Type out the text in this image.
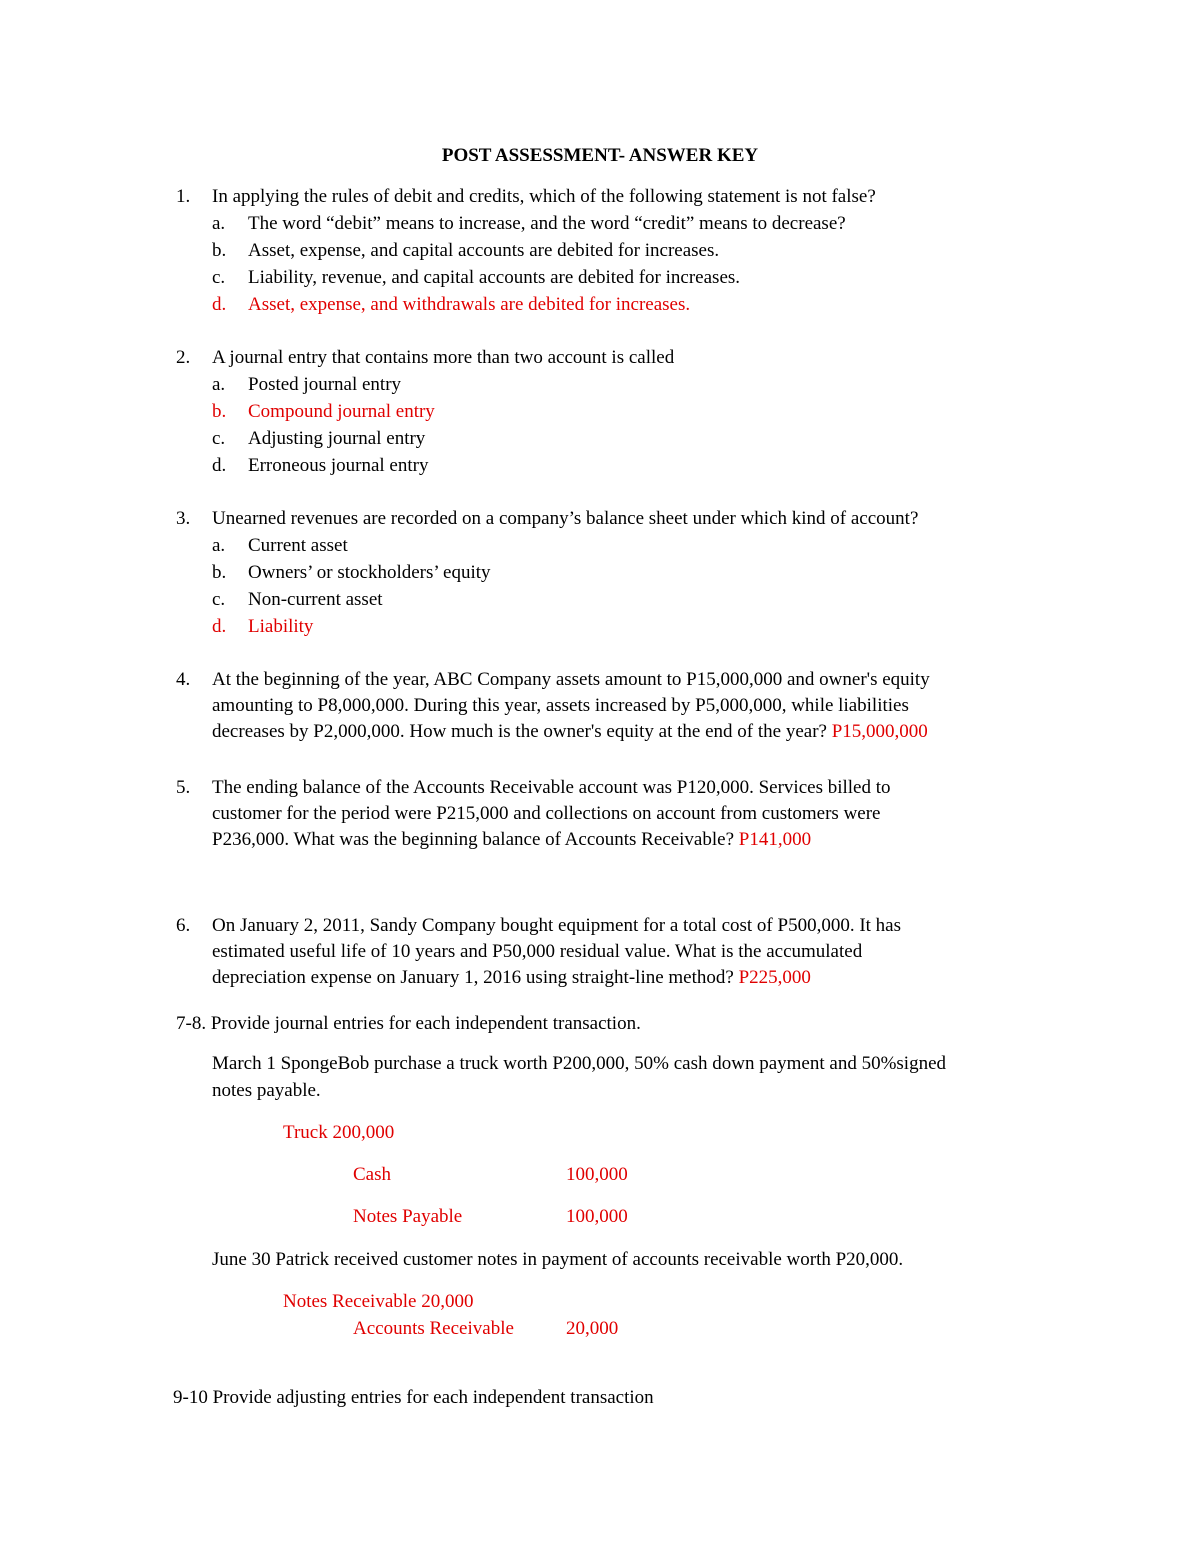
POST ASSESSMENT- ANSWER KEY
1.	In applying the rules of debit and credits, which of the following statement is not false?
a. The word “debit” means to increase, and the word “credit” means to decrease?
b. Asset, expense, and capital accounts are debited for increases.
c. Liability, revenue, and capital accounts are debited for increases.
d. Asset, expense, and withdrawals are debited for increases.
2.	A journal entry that contains more than two account is called
a. Posted journal entry
b. Compound journal entry
c. Adjusting journal entry
d. Erroneous journal entry
3.	Unearned revenues are recorded on a company’s balance sheet under which kind of account?
a. Current asset
b. Owners’ or stockholders’ equity
c. Non-current asset
d. Liability
4.	At the beginning of the year, ABC Company assets amount to P15,000,000 and owner's equity
amounting to P8,000,000. During this year, assets increased by P5,000,000, while liabilities
decreases by P2,000,000. How much is the owner's equity at the end of the year? P15,000,000
5.	The ending balance of the Accounts Receivable account was P120,000. Services billed to
customer for the period were P215,000 and collections on account from customers were
P236,000. What was the beginning balance of Accounts Receivable? P141,000
6.	On January 2, 2011, Sandy Company bought equipment for a total cost of P500,000. It has
estimated useful life of 10 years and P50,000 residual value. What is the accumulated
depreciation expense on January 1, 2016 using straight-line method? P225,000
7-8. Provide journal entries for each independent transaction.
March 1 SpongeBob purchase a truck worth P200,000, 50% cash down payment and 50%signed
notes payable.
Truck 200,000
Cash	100,000
Notes Payable	100,000
June 30 Patrick received customer notes in payment of accounts receivable worth P20,000.
Notes Receivable 20,000
Accounts Receivable	20,000
9-10 Provide adjusting entries for each independent transaction
